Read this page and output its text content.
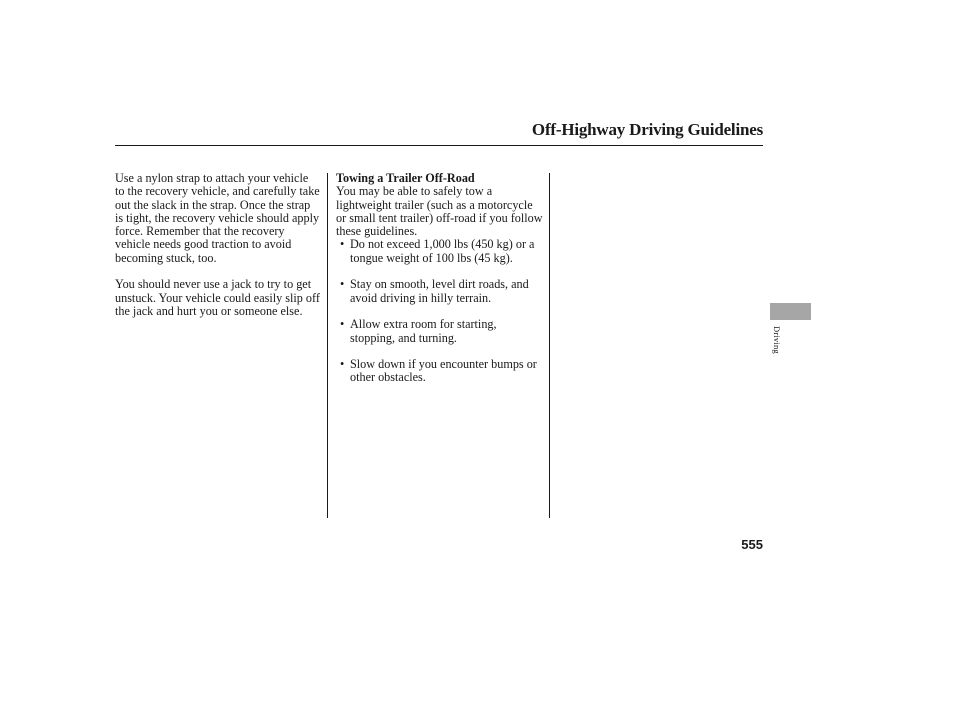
Off-Highway Driving Guidelines

Use a nylon strap to attach your vehicle to the recovery vehicle, and carefully take out the slack in the strap. Once the strap is tight, the recovery vehicle should apply force. Remember that the recovery vehicle needs good traction to avoid becoming stuck, too.

You should never use a jack to try to get unstuck. Your vehicle could easily slip off the jack and hurt you or someone else.

Towing a Trailer Off-Road

You may be able to safely tow a lightweight trailer (such as a motorcycle or small tent trailer) off-road if you follow these guidelines.

• Do not exceed 1,000 lbs (450 kg) or a tongue weight of 100 lbs (45 kg).
• Stay on smooth, level dirt roads, and avoid driving in hilly terrain.
• Allow extra room for starting, stopping, and turning.
• Slow down if you encounter bumps or other obstacles.
Driving
555
